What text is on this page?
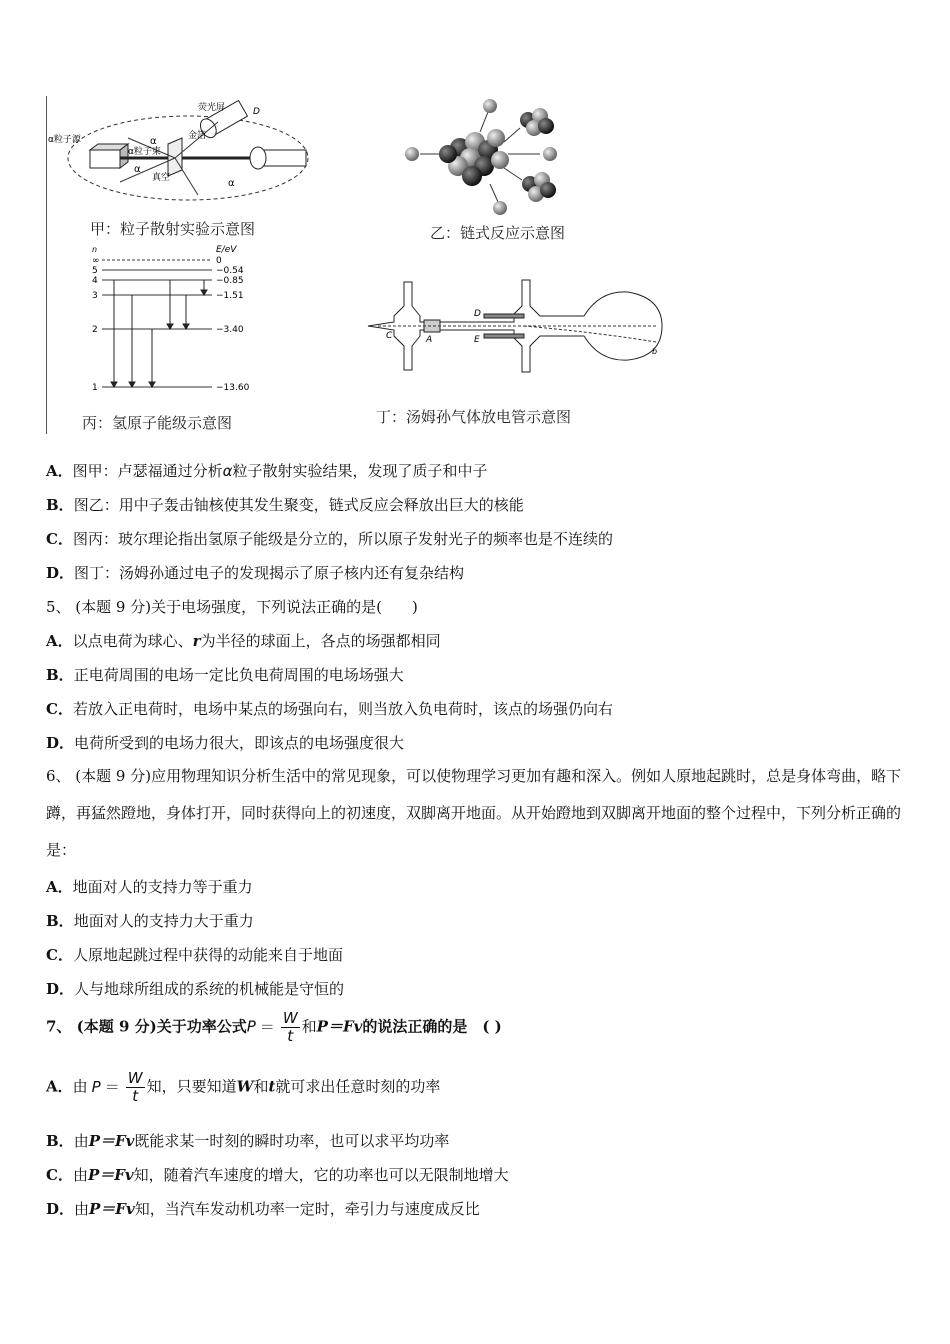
α粒子源
荧光屏
金箔
α粒子束
真空
D
α
α
α
甲：粒子散射实验示意图	乙：链式反应示意图
n	E/eV
∞
5
4
3
2
1
0
−0.54
−0.85
−1.51
−3.40
−13.60
丙：氢原子能级示意图
C	A
D
E
b
丁：汤姆孙气体放电管示意图
A．图甲：卢瑟福通过分析α粒子散射实验结果，发现了质子和中子
B．图乙：用中子轰击铀核使其发生聚变，链式反应会释放出巨大的核能
C．图丙：玻尔理论指出氢原子能级是分立的，所以原子发射光子的频率也是不连续的
D．图丁：汤姆孙通过电子的发现揭示了原子核内还有复杂结构
5、 (本题 9 分)关于电场强度，下列说法正确的是(　　)
A．以点电荷为球心、r为半径的球面上，各点的场强都相同
B．正电荷周围的电场一定比负电荷周围的电场场强大
C．若放入正电荷时，电场中某点的场强向右，则当放入负电荷时，该点的场强仍向右
D．电荷所受到的电场力很大，即该点的电场强度很大
6、 (本题 9 分)应用物理知识分析生活中的常见现象，可以使物理学习更加有趣和深入。例如人原地起跳时，总是身体弯曲，略下蹲，再猛然蹬地，身体打开，同时获得向上的初速度，双脚离开地面。从开始蹬地到双脚离开地面的整个过程中，下列分析正确的是：
A．地面对人的支持力等于重力
B．地面对人的支持力大于重力
C．人原地起跳过程中获得的动能来自于地面
D．人与地球所组成的系统的机械能是守恒的
7、 (本题 9 分)关于功率公式$P = \frac{W}{t}$ 和P＝Fv的说法正确的是　( )
A．由 $P = \frac{W}{t}$ 知，只要知道W和t就可求出任意时刻的功率
B．由P＝Fv既能求某一时刻的瞬时功率，也可以求平均功率
C．由P＝Fv知，随着汽车速度的增大，它的功率也可以无限制地增大
D．由P＝Fv知，当汽车发动机功率一定时，牵引力与速度成反比
